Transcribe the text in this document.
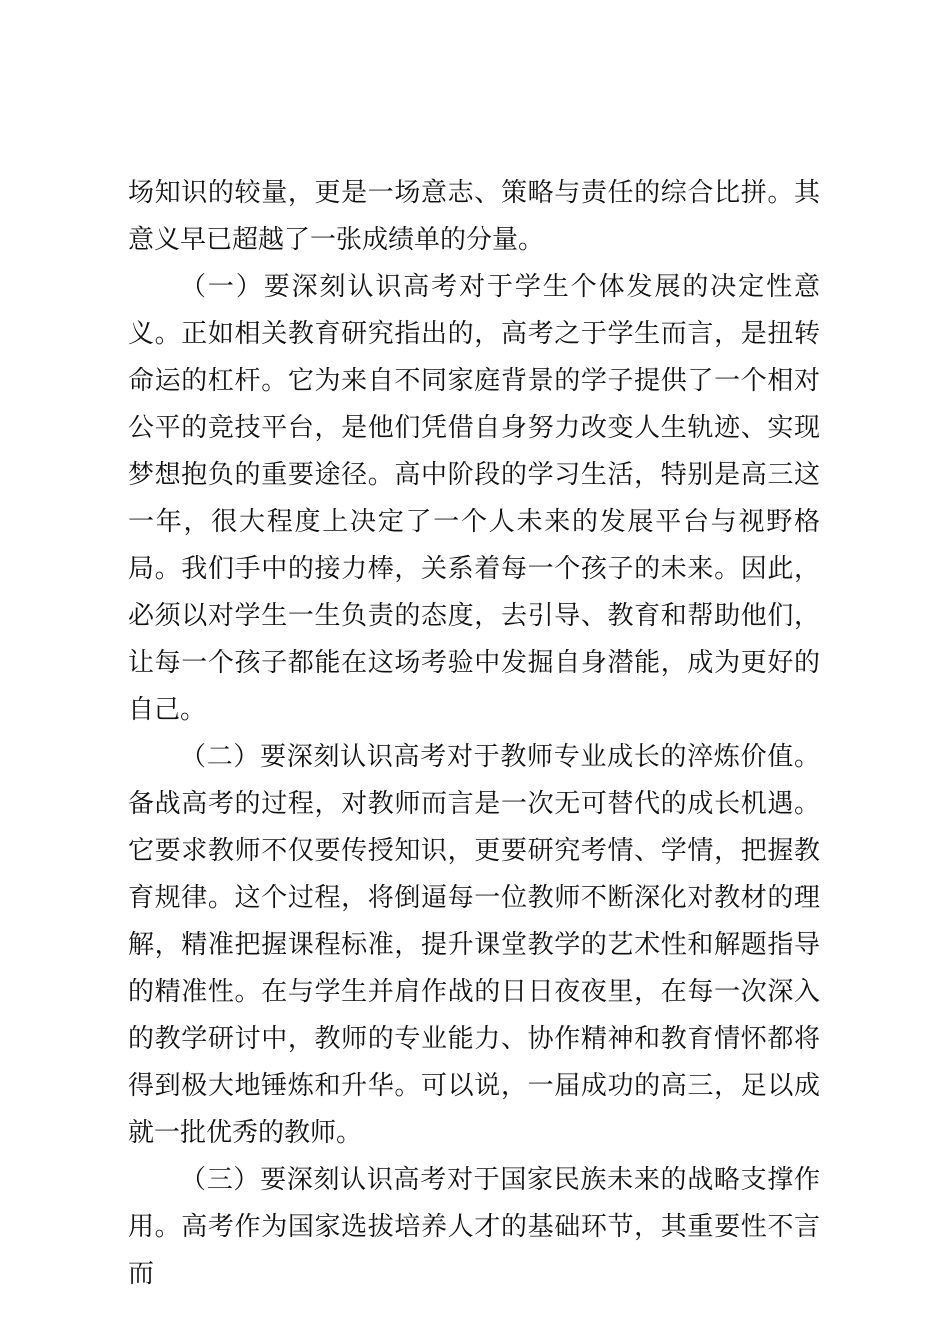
场知识的较量，更是一场意志、策略与责任的综合比拼。其意义早已超越了一张成绩单的分量。

（一）要深刻认识高考对于学生个体发展的决定性意义。正如相关教育研究指出的，高考之于学生而言，是扭转命运的杠杆。它为来自不同家庭背景的学子提供了一个相对公平的竞技平台，是他们凭借自身努力改变人生轨迹、实现梦想抱负的重要途径。高中阶段的学习生活，特别是高三这一年，很大程度上决定了一个人未来的发展平台与视野格局。我们手中的接力棒，关系着每一个孩子的未来。因此，必须以对学生一生负责的态度，去引导、教育和帮助他们，让每一个孩子都能在这场考验中发掘自身潜能，成为更好的自己。

（二）要深刻认识高考对于教师专业成长的淬炼价值。备战高考的过程，对教师而言是一次无可替代的成长机遇。它要求教师不仅要传授知识，更要研究考情、学情，把握教育规律。这个过程，将倒逼每一位教师不断深化对教材的理解，精准把握课程标准，提升课堂教学的艺术性和解题指导的精准性。在与学生并肩作战的日日夜夜里，在每一次深入的教学研讨中，教师的专业能力、协作精神和教育情怀都将得到极大地锤炼和升华。可以说，一届成功的高三，足以成就一批优秀的教师。

（三）要深刻认识高考对于国家民族未来的战略支撑作用。高考作为国家选拔培养人才的基础环节，其重要性不言而
